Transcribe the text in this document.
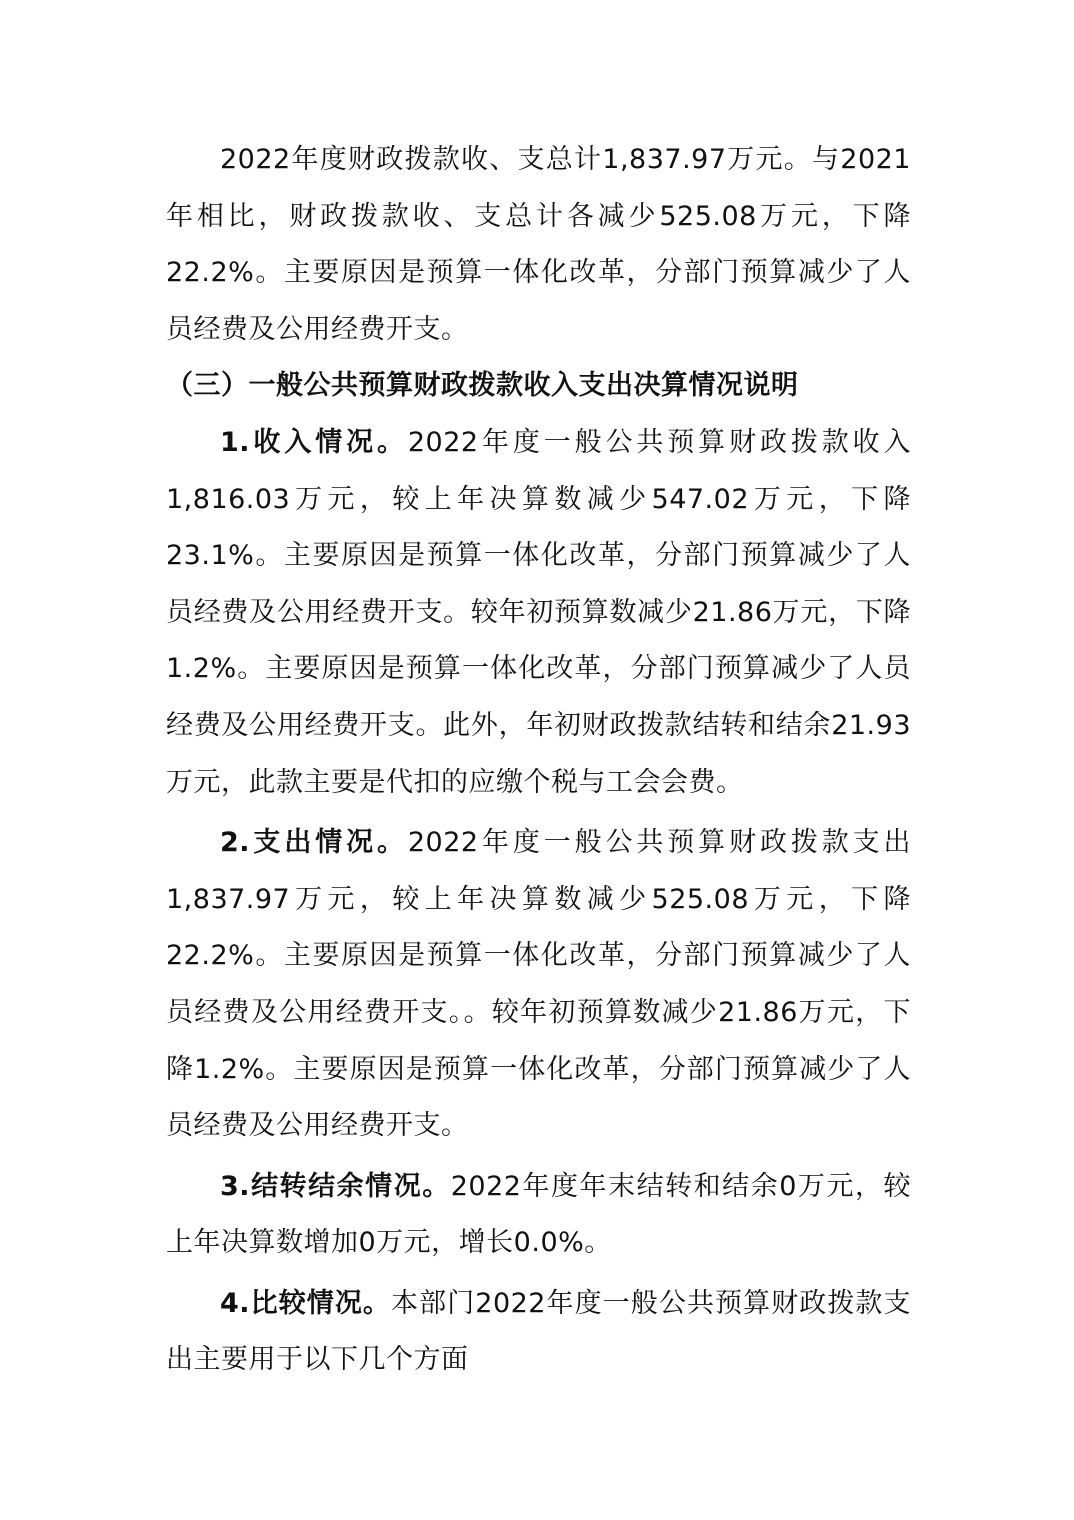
2022年度财政拨款收、支总计1,837.97万元。与2021年相比，财政拨款收、支总计各减少525.08万元，下降22.2%。主要原因是预算一体化改革，分部门预算减少了人员经费及公用经费开支。

（三）一般公共预算财政拨款收入支出决算情况说明

1.收入情况。2022年度一般公共预算财政拨款收入1,816.03万元，较上年决算数减少547.02万元，下降23.1%。主要原因是预算一体化改革，分部门预算减少了人员经费及公用经费开支。较年初预算数减少21.86万元，下降1.2%。主要原因是预算一体化改革，分部门预算减少了人员经费及公用经费开支。此外，年初财政拨款结转和结余21.93万元，此款主要是代扣的应缴个税与工会会费。

2.支出情况。2022年度一般公共预算财政拨款支出1,837.97万元，较上年决算数减少525.08万元，下降22.2%。主要原因是预算一体化改革，分部门预算减少了人员经费及公用经费开支。。较年初预算数减少21.86万元，下降1.2%。主要原因是预算一体化改革，分部门预算减少了人员经费及公用经费开支。

3.结转结余情况。2022年度年末结转和结余0万元，较上年决算数增加0万元，增长0.0%。

4.比较情况。本部门2022年度一般公共预算财政拨款支出主要用于以下几个方面
